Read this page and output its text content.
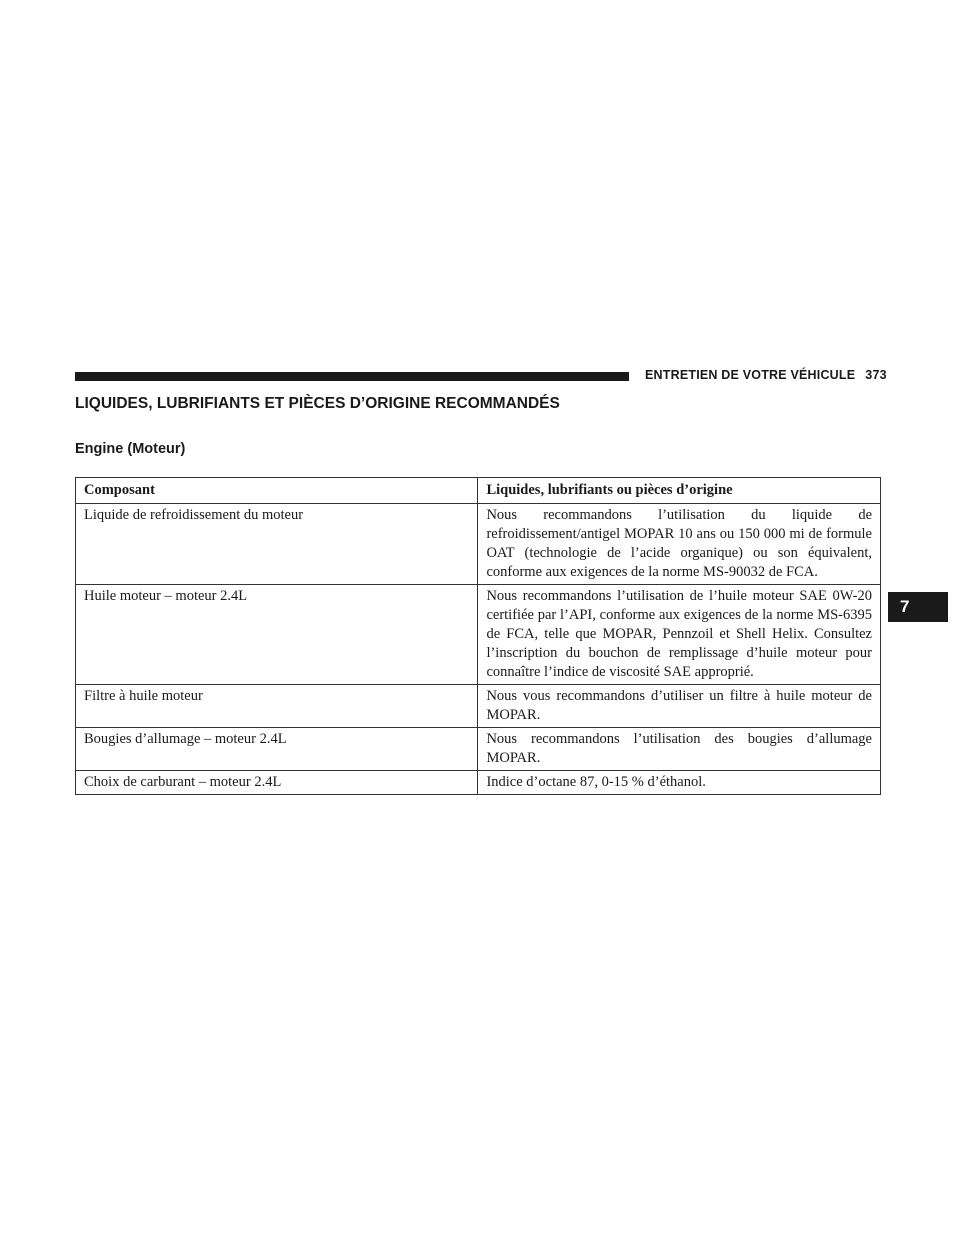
ENTRETIEN DE VOTRE VÉHICULE 373
LIQUIDES, LUBRIFIANTS ET PIÈCES D’ORIGINE RECOMMANDÉS
Engine (Moteur)
Composant	Liquides, lubrifiants ou pièces d’origine
Liquide de refroidissement du moteur	Nous recommandons l’utilisation du liquide de refroidissement/antigel MOPAR 10 ans ou 150 000 mi de formule OAT (technologie de l’acide organique) ou son équivalent, conforme aux exigences de la norme MS-90032 de FCA.
Huile moteur – moteur 2.4L	Nous recommandons l’utilisation de l’huile moteur SAE 0W-20 certifiée par l’API, conforme aux exigences de la norme MS-6395 de FCA, telle que MOPAR, Pennzoil et Shell Helix. Consultez l’inscription du bouchon de remplissage d’huile moteur pour connaître l’indice de viscosité SAE approprié.
Filtre à huile moteur	Nous vous recommandons d’utiliser un filtre à huile moteur de MOPAR.
Bougies d’allumage – moteur 2.4L	Nous recommandons l’utilisation des bougies d’allumage MOPAR.
Choix de carburant – moteur 2.4L	Indice d’octane 87, 0-15 % d’éthanol.
7
